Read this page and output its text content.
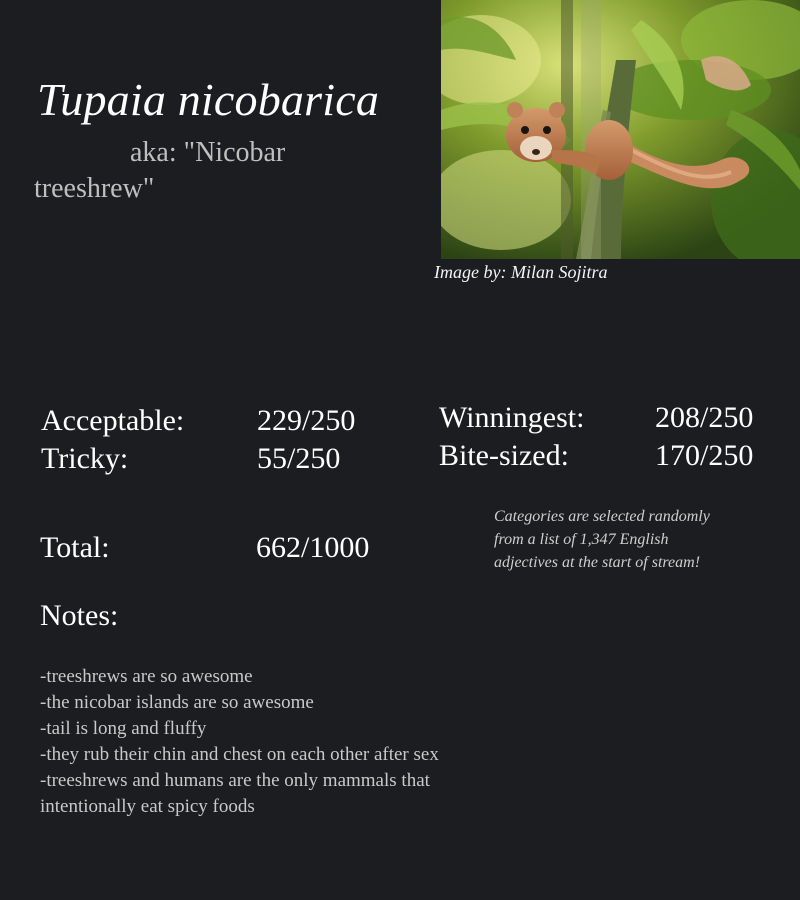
Tupaia nicobarica
aka: "Nicobar treeshrew"
Image by: Milan Sojitra
Acceptable: 229/250
Tricky:	55/250
Winningest: 208/250
Bite-sized:	170/250
Total:	662/1000
Categories are selected randomly from a list of 1,347 English adjectives at the start of stream!
Notes:
-treeshrews are so awesome
-the nicobar islands are so awesome
-tail is long and fluffy
-they rub their chin and chest on each other after sex
-treeshrews and humans are the only mammals that intentionally eat spicy foods
